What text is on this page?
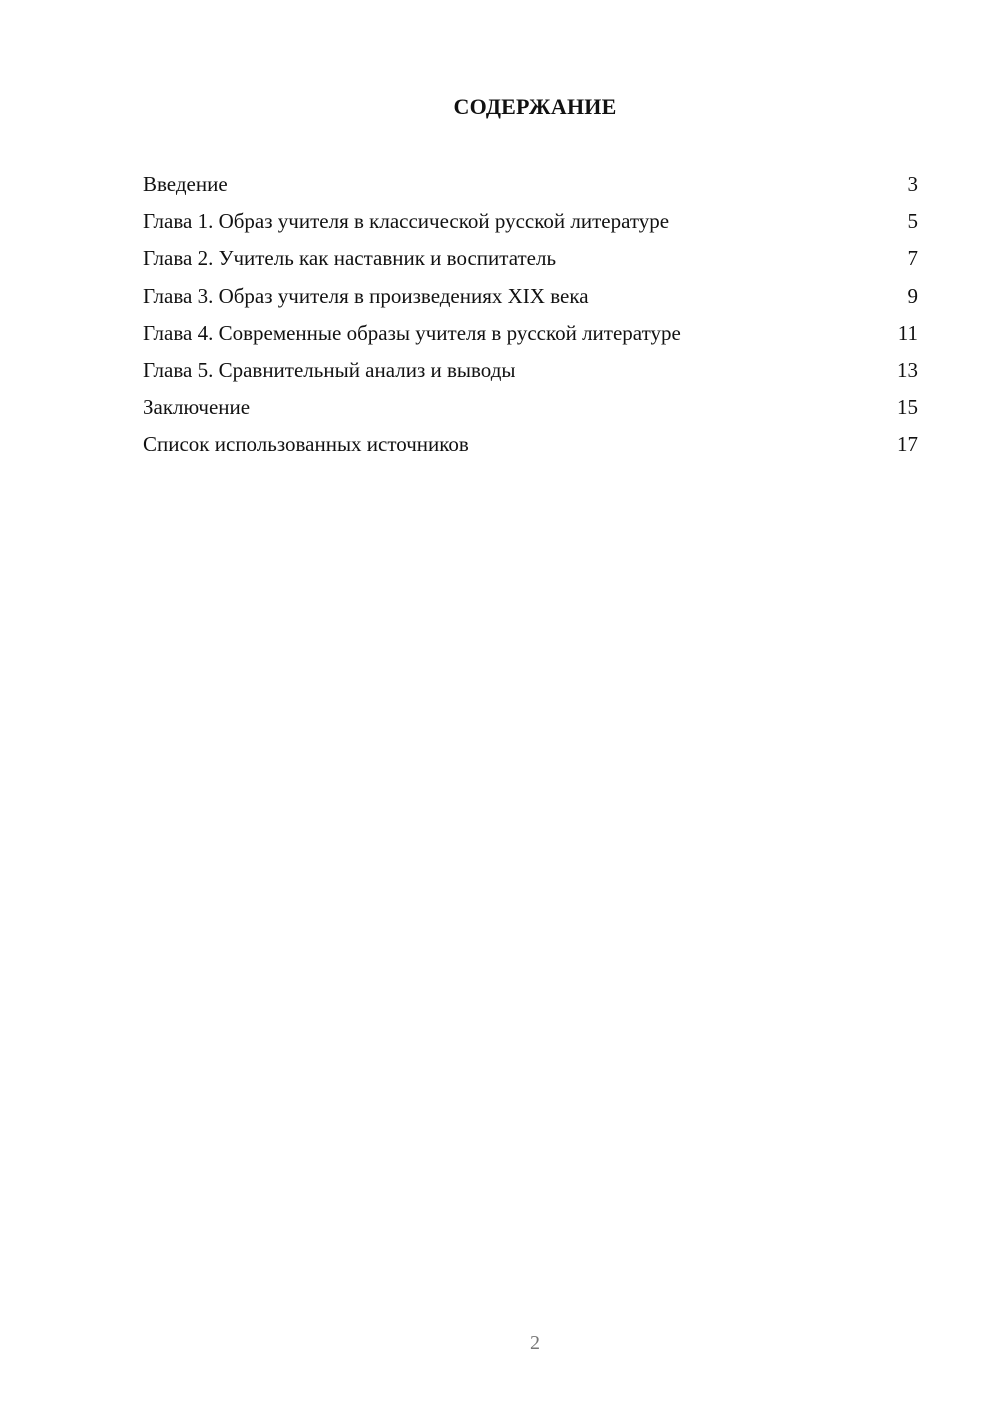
СОДЕРЖАНИЕ
Введение	3
Глава 1. Образ учителя в классической русской литературе	5
Глава 2. Учитель как наставник и воспитатель	7
Глава 3. Образ учителя в произведениях XIX века	9
Глава 4. Современные образы учителя в русской литературе	11
Глава 5. Сравнительный анализ и выводы	13
Заключение	15
Список использованных источников	17
2
